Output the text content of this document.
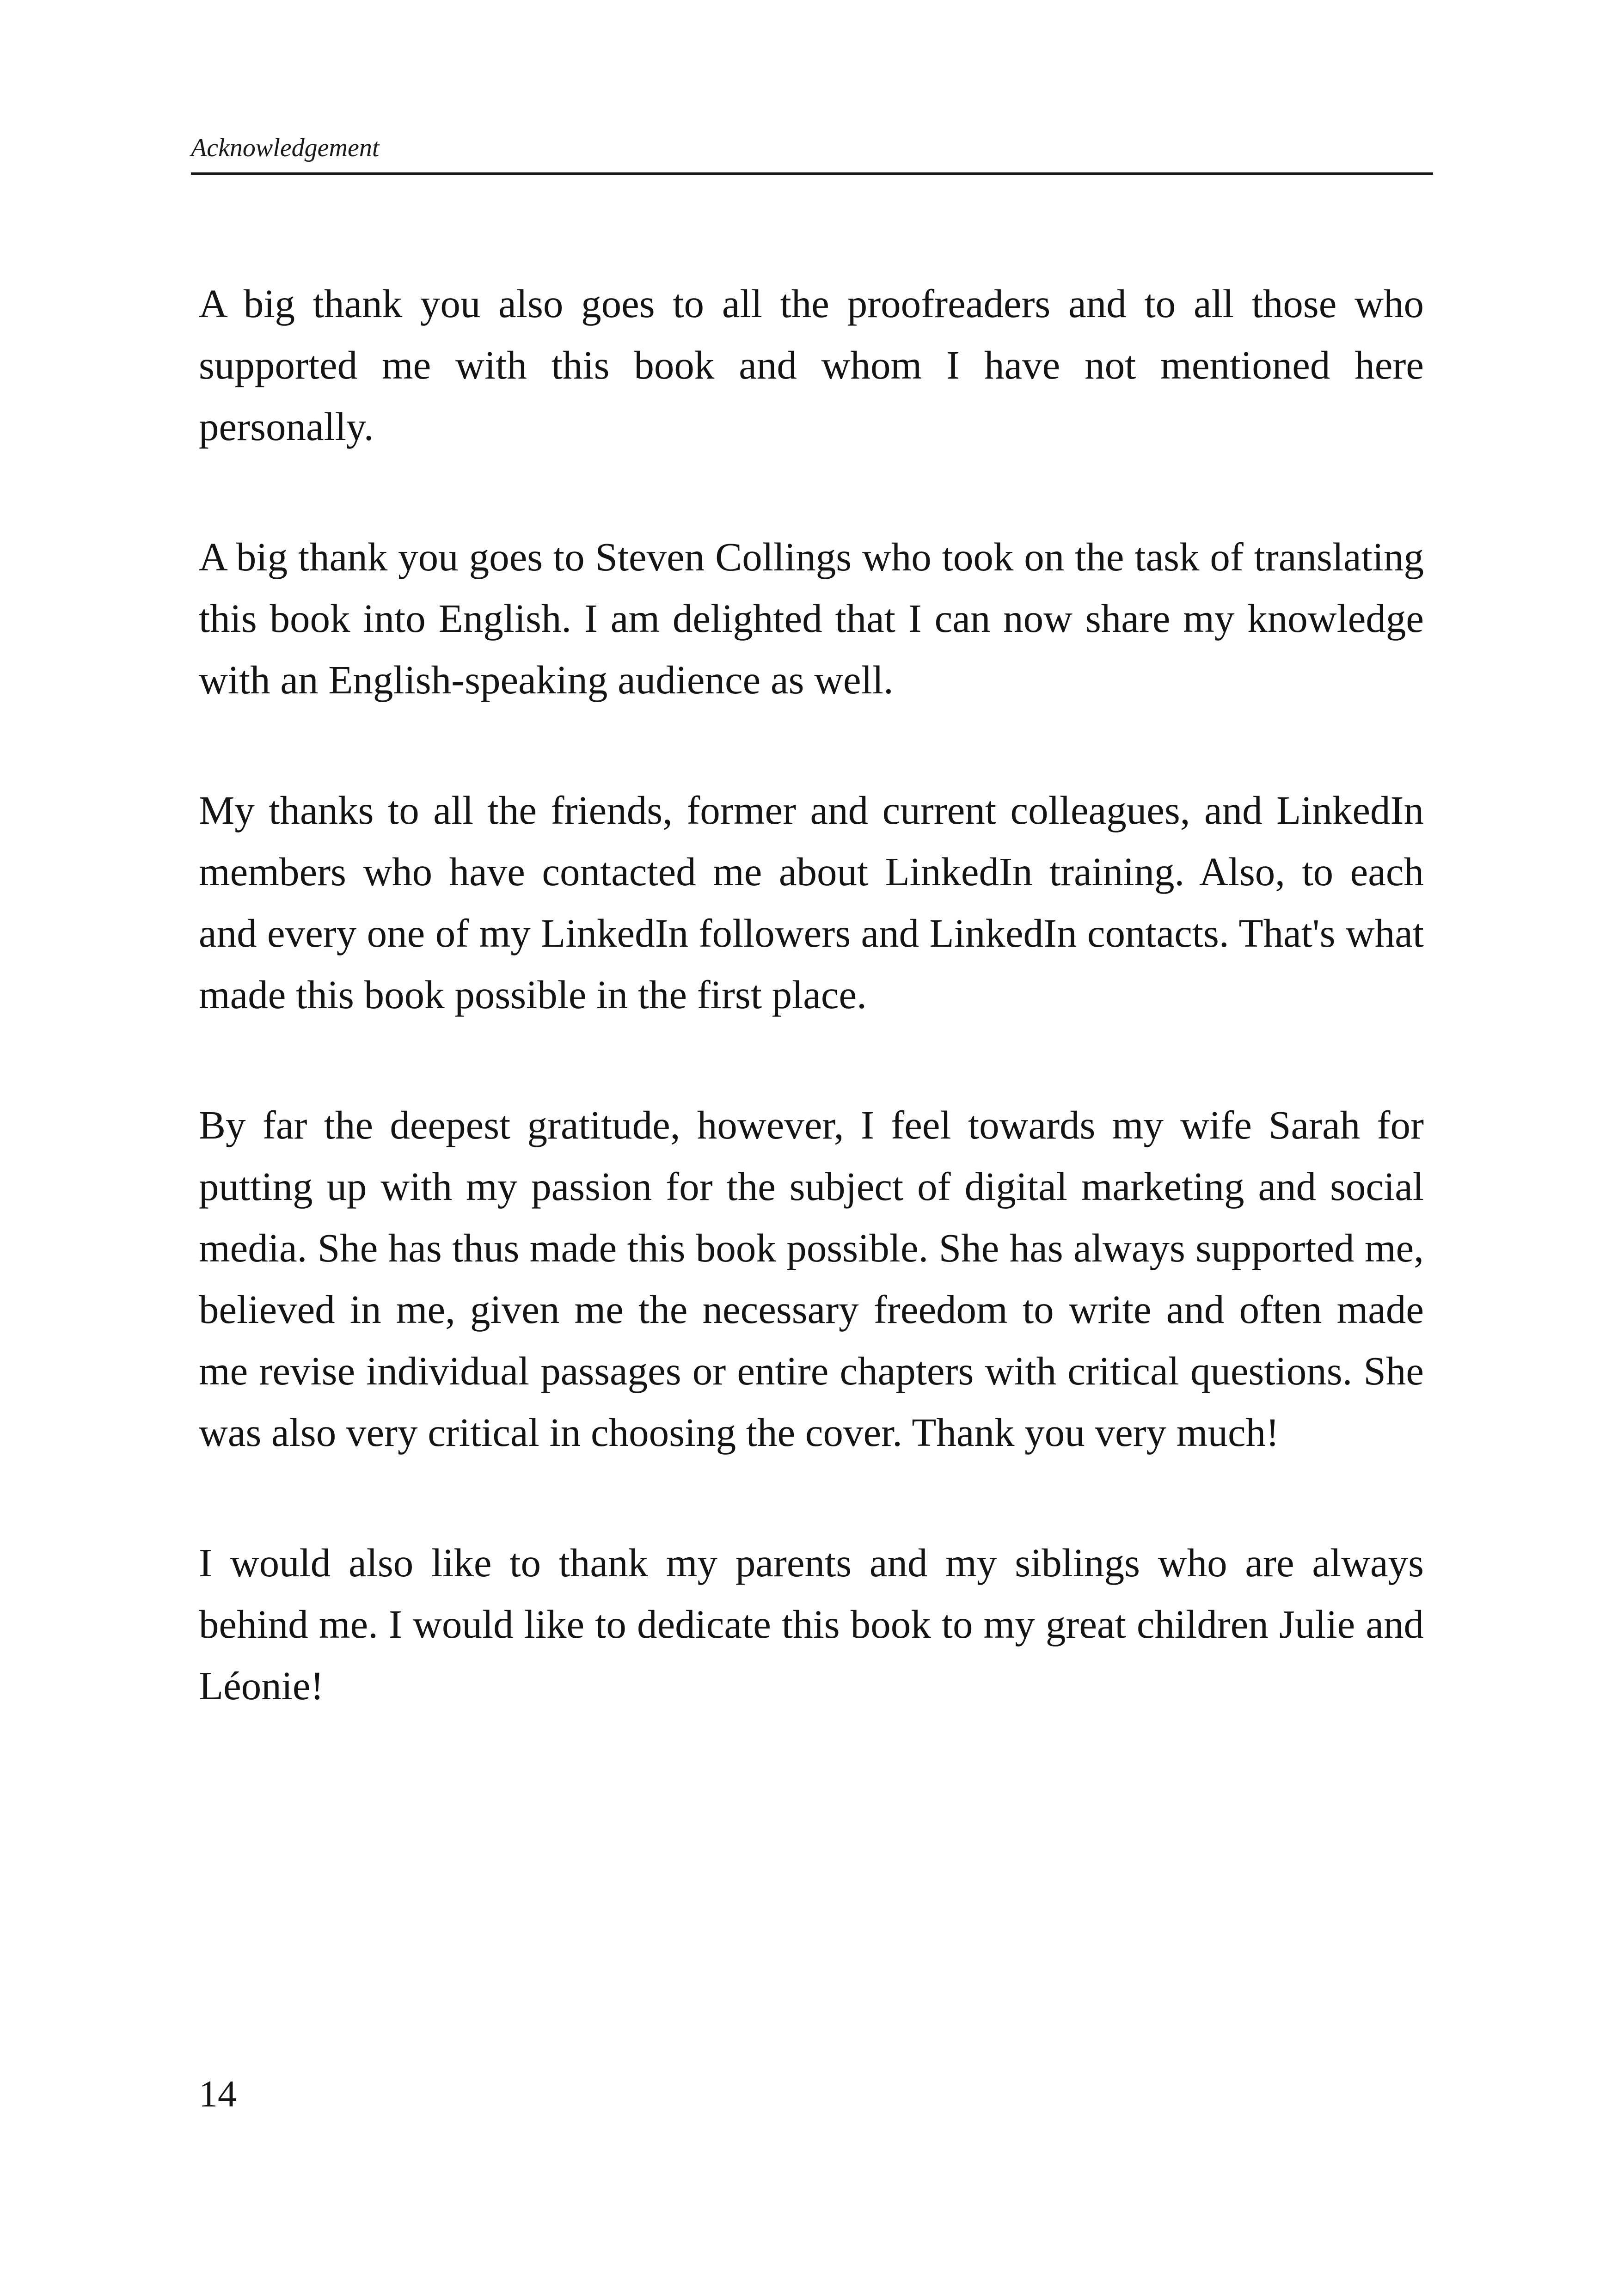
Acknowledgement

A big thank you also goes to all the proofreaders and to all those who supported me with this book and whom I have not mentioned here personally.

A big thank you goes to Steven Collings who took on the task of translating this book into English. I am delighted that I can now share my knowledge with an English-speaking audience as well.

My thanks to all the friends, former and current colleagues, and LinkedIn members who have contacted me about LinkedIn training. Also, to each and every one of my LinkedIn followers and LinkedIn contacts. That's what made this book possible in the first place.

By far the deepest gratitude, however, I feel towards my wife Sarah for putting up with my passion for the subject of digital marketing and social media. She has thus made this book possible. She has always supported me, believed in me, given me the necessary freedom to write and often made me revise individual passages or entire chapters with critical questions. She was also very critical in choosing the cover. Thank you very much!

I would also like to thank my parents and my siblings who are always behind me. I would like to dedicate this book to my great children Julie and Léonie!

14
